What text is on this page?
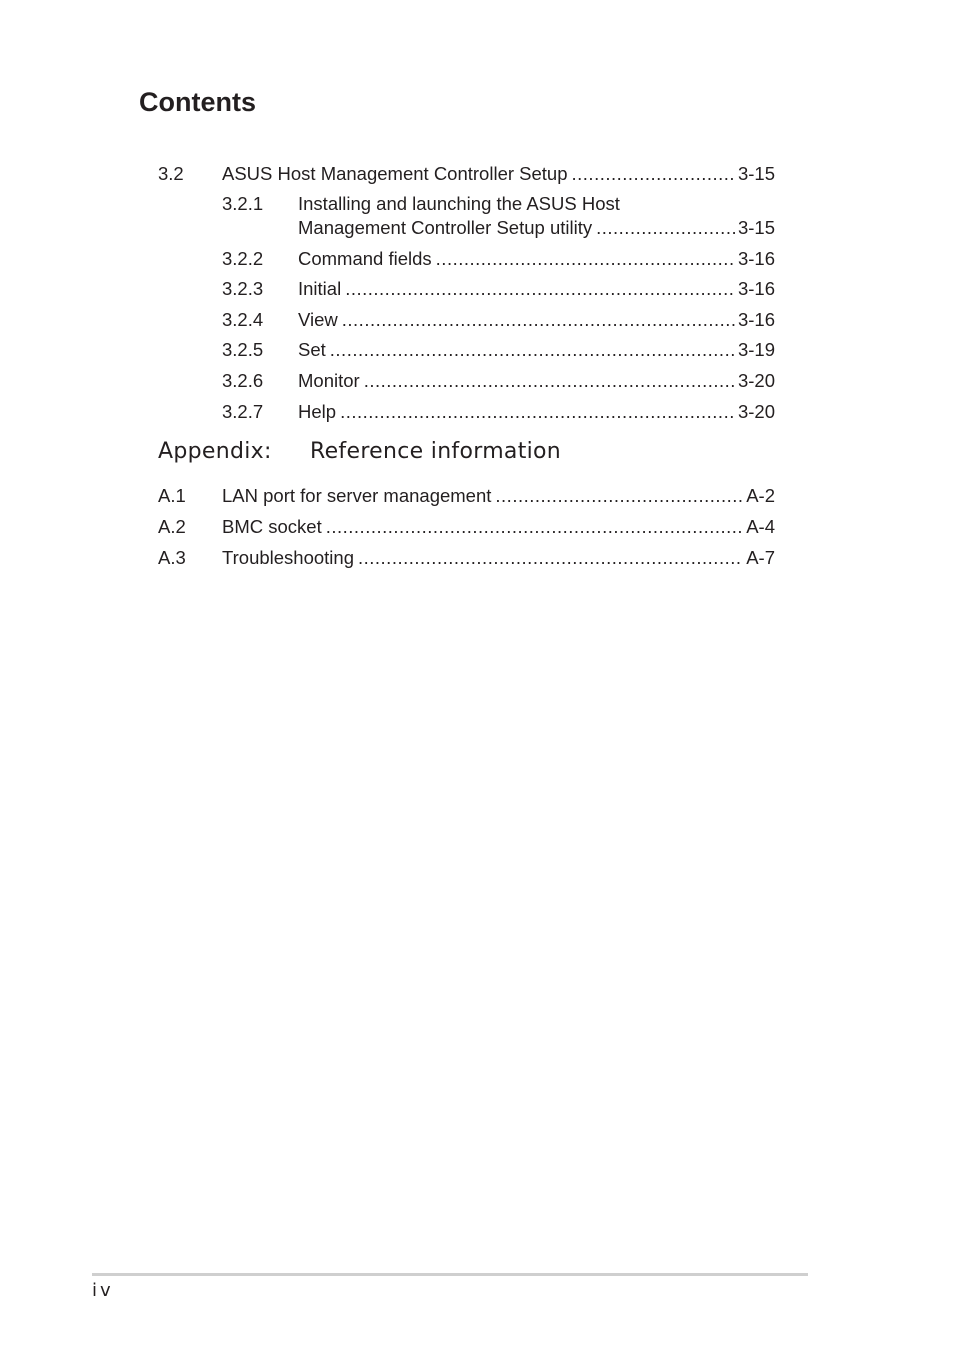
Contents
3.2 ASUS Host Management Controller Setup .....	3-15
3.2.1 Installing and launching the ASUS Host
Management Controller Setup utility .....	3-15
3.2.2 Command fields .....	3-16
3.2.3 Initial .....	3-16
3.2.4 View .....	3-16
3.2.5 Set .....	3-19
3.2.6 Monitor .....	3-20
3.2.7 Help .....	3-20
Appendix: Reference information
A.1 LAN port for server management .....	A-2
A.2 BMC socket .....	A-4
A.3 Troubleshooting .....	A-7
iv
